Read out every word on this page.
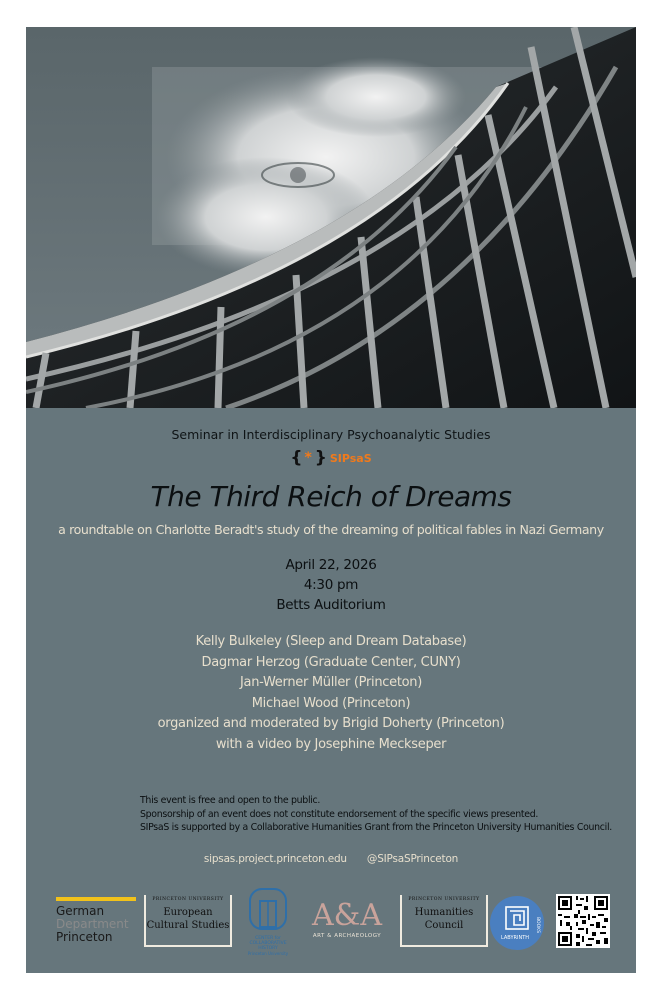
Seminar in Interdisciplinary Psychoanalytic Studies
{ * } SIPsaS
The Third Reich of Dreams
a roundtable on Charlotte Beradt's study of the dreaming of political fables in Nazi Germany
April 22, 2026
4:30 pm
Betts Auditorium
Kelly Bulkeley (Sleep and Dream Database)
Dagmar Herzog (Graduate Center, CUNY)
Jan-Werner Müller (Princeton)
Michael Wood (Princeton)
organized and moderated by Brigid Doherty (Princeton)
with a video by Josephine Meckseper
This event is free and open to the public.
Sponsorship of an event does not constitute endorsement of the specific views presented.
SIPsaS is supported by a Collaborative Humanities Grant from the Princeton University Humanities Council.
sipsas.project.princeton.edu @SIPsaSPrinceton
German
Department
Princeton
PRINCETON UNIVERSITY
European
Cultural Studies
CENTER for
COLLABORATIVE
HISTORY
Princeton University
A&A
ART & ARCHAEOLOGY
PRINCETON UNIVERSITY
Humanities
Council
LABYRINTH
BOOKS
